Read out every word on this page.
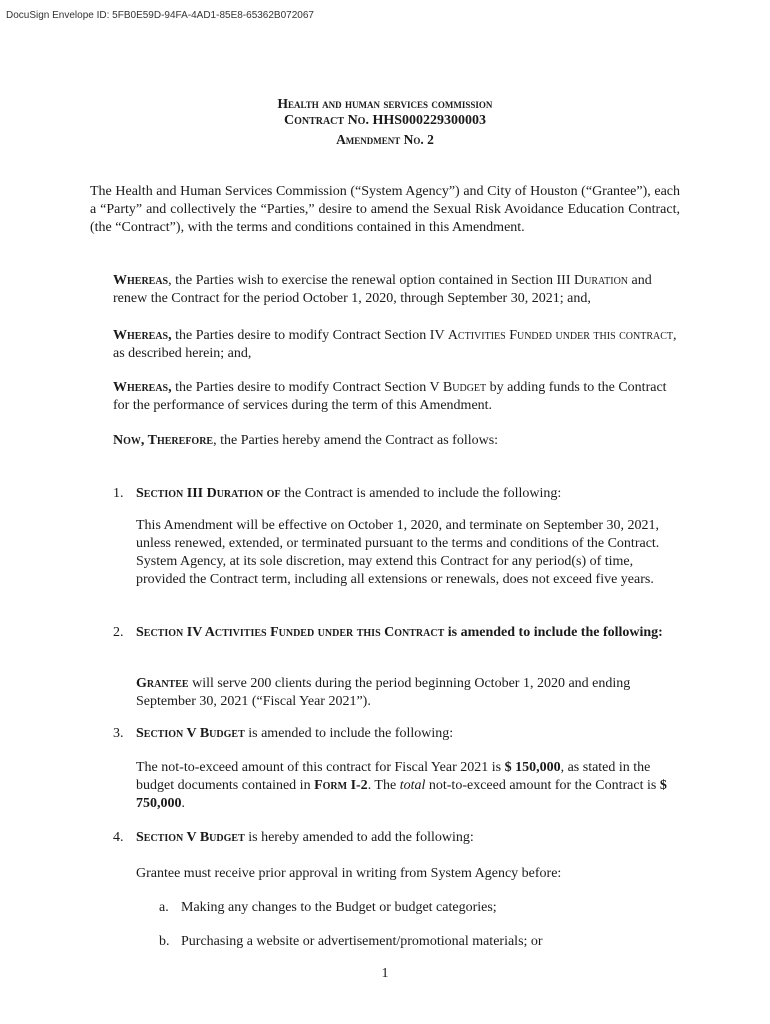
DocuSign Envelope ID: 5FB0E59D-94FA-4AD1-85E8-65362B072067
Health and human services commission
Contract No. HHS000229300003
Amendment No. 2

The Health and Human Services Commission (“System Agency”) and City of Houston (“Grantee”), each a “Party” and collectively the “Parties,” desire to amend the Sexual Risk Avoidance Education Contract, (the “Contract”), with the terms and conditions contained in this Amendment.

Whereas, the Parties wish to exercise the renewal option contained in Section III Duration and renew the Contract for the period October 1, 2020, through September 30, 2021; and,

Whereas, the Parties desire to modify Contract Section IV Activities Funded under this contract, as described herein; and,

Whereas, the Parties desire to modify Contract Section V Budget by adding funds to the Contract for the performance of services during the term of this Amendment.

Now, Therefore, the Parties hereby amend the Contract as follows:

1. Section III Duration of the Contract is amended to include the following:

This Amendment will be effective on October 1, 2020, and terminate on September 30, 2021, unless renewed, extended, or terminated pursuant to the terms and conditions of the Contract. System Agency, at its sole discretion, may extend this Contract for any period(s) of time, provided the Contract term, including all extensions or renewals, does not exceed five years.

2. Section IV Activities Funded under this Contract is amended to include the following:

Grantee will serve 200 clients during the period beginning October 1, 2020 and ending September 30, 2021 (“Fiscal Year 2021”).

3. Section V Budget is amended to include the following:

The not-to-exceed amount of this contract for Fiscal Year 2021 is $ 150,000, as stated in the budget documents contained in Form I-2. The total not-to-exceed amount for the Contract is $ 750,000.

4. Section V Budget is hereby amended to add the following:

Grantee must receive prior approval in writing from System Agency before:

a. Making any changes to the Budget or budget categories;

b. Purchasing a website or advertisement/promotional materials; or

1
